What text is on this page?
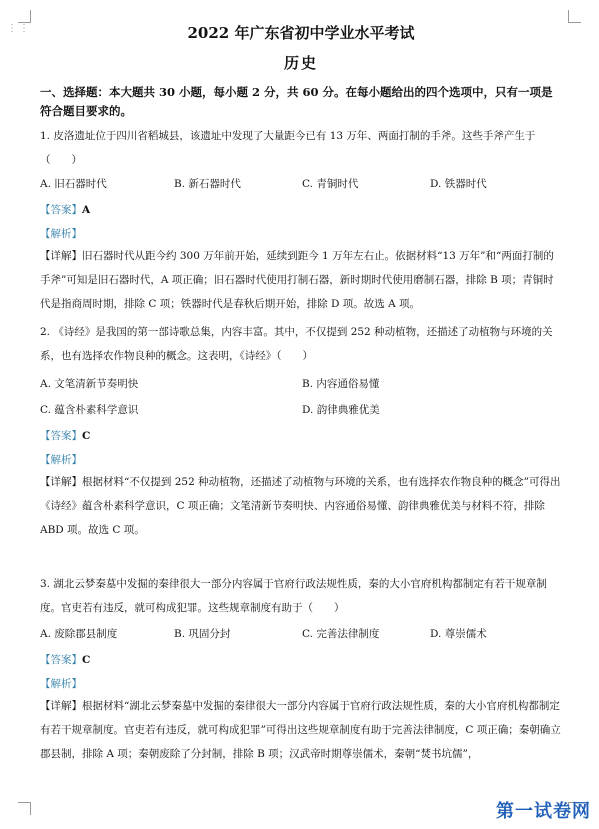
⋮⋮	2022 年广东省初中学业水平考试
历史
一、选择题：本大题共 30 小题，每小题 2 分，共 60 分。在每小题给出的四个选项中，只有一项是符合题目要求的。
1. 皮洛遗址位于四川省稻城县，该遗址中发现了大量距今已有 13 万年、两面打制的手斧。这些手斧产生于（　　）
A. 旧石器时代	B. 新石器时代	C. 青铜时代	D. 铁器时代
【答案】A
【解析】
【详解】旧石器时代从距今约 300 万年前开始，延续到距今 1 万年左右止。依据材料“13 万年”和“两面打制的手斧”可知是旧石器时代，A 项正确；旧石器时代使用打制石器，新时期时代使用磨制石器，排除 B 项；青铜时代是指商周时期，排除 C 项；铁器时代是春秋后期开始，排除 D 项。故选 A 项。
2. 《诗经》是我国的第一部诗歌总集，内容丰富。其中，不仅提到 252 种动植物，还描述了动植物与环境的关系，也有选择农作物良种的概念。这表明，《诗经》（　　）
A. 文笔清新节奏明快	B. 内容通俗易懂
C. 蕴含朴素科学意识	D. 韵律典雅优美
【答案】C
【解析】
【详解】根据材料“不仅提到 252 种动植物，还描述了动植物与环境的关系，也有选择农作物良种的概念”可得出《诗经》蕴含朴素科学意识，C 项正确；文笔清新节奏明快、内容通俗易懂、韵律典雅优美与材料不符，排除 ABD 项。故选 C 项。
3. 湖北云梦秦墓中发掘的秦律很大一部分内容属于官府行政法规性质，秦的大小官府机构都制定有若干规章制度。官吏若有违反，就可构成犯罪。这些规章制度有助于（　　）
A. 废除郡县制度	B. 巩固分封	C. 完善法律制度	D. 尊崇儒术
【答案】C
【解析】
【详解】根据材料“湖北云梦秦墓中发掘的秦律很大一部分内容属于官府行政法规性质，秦的大小官府机构都制定有若干规章制度。官吏若有违反，就可构成犯罪”可得出这些规章制度有助于完善法律制度，C 项正确；秦朝确立郡县制，排除 A 项；秦朝废除了分封制，排除 B 项；汉武帝时期尊崇儒术，秦朝“焚书坑儒”，
第一试卷网
